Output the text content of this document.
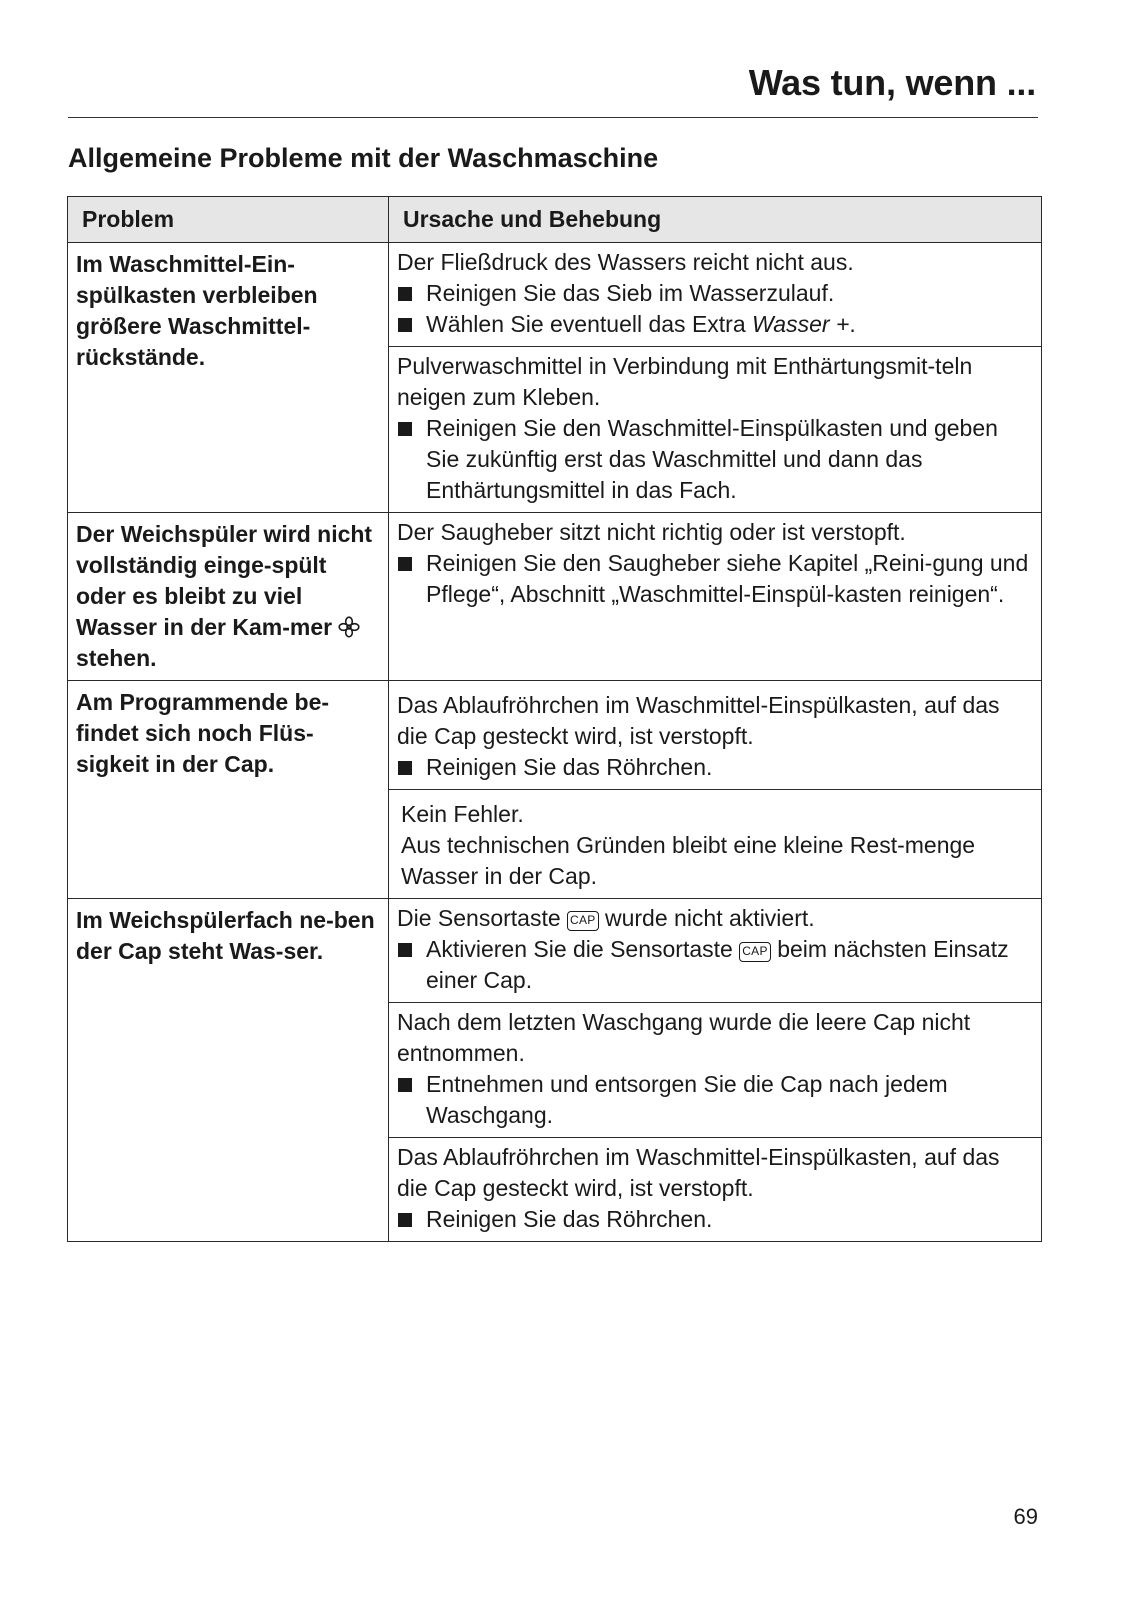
Was tun, wenn ...
Allgemeine Probleme mit der Waschmaschine
Problem	Ursache und Behebung
Im Waschmittel-Ein-spülkasten verbleiben größere Waschmittel-rückstände.	Der Fließdruck des Wassers reicht nicht aus.
Reinigen Sie das Sieb im Wasserzulauf.
Wählen Sie eventuell das Extra Wasser +.

	Pulverwaschmittel in Verbindung mit Enthärtungsmit-teln neigen zum Kleben.
Reinigen Sie den Waschmittel-Einspülkasten und geben Sie zukünftig erst das Waschmittel und dann das Enthärtungsmittel in das Fach.

Der Weichspüler wird nicht vollständig einge-spült oder es bleibt zu viel Wasser in der Kam-mer  stehen.	Der Saugheber sitzt nicht richtig oder ist verstopft.
Reinigen Sie den Saugheber siehe Kapitel „Reini-gung und Pflege“, Abschnitt „Waschmittel-Einspül-kasten reinigen“.

Am Programmende be-findet sich noch Flüs-sigkeit in der Cap.	Das Ablaufröhrchen im Waschmittel-Einspülkasten, auf das die Cap gesteckt wird, ist verstopft.
Reinigen Sie das Röhrchen.

	Kein Fehler.
Aus technischen Gründen bleibt eine kleine Rest-menge Wasser in der Cap.

Im Weichspülerfach ne-ben der Cap steht Was-ser.	Die Sensortaste CAP wurde nicht aktiviert.
Aktivieren Sie die Sensortaste CAP beim nächsten Einsatz einer Cap.

	Nach dem letzten Waschgang wurde die leere Cap nicht entnommen.
Entnehmen und entsorgen Sie die Cap nach jedem Waschgang.

	Das Ablaufröhrchen im Waschmittel-Einspülkasten, auf das die Cap gesteckt wird, ist verstopft.
Reinigen Sie das Röhrchen.
69
